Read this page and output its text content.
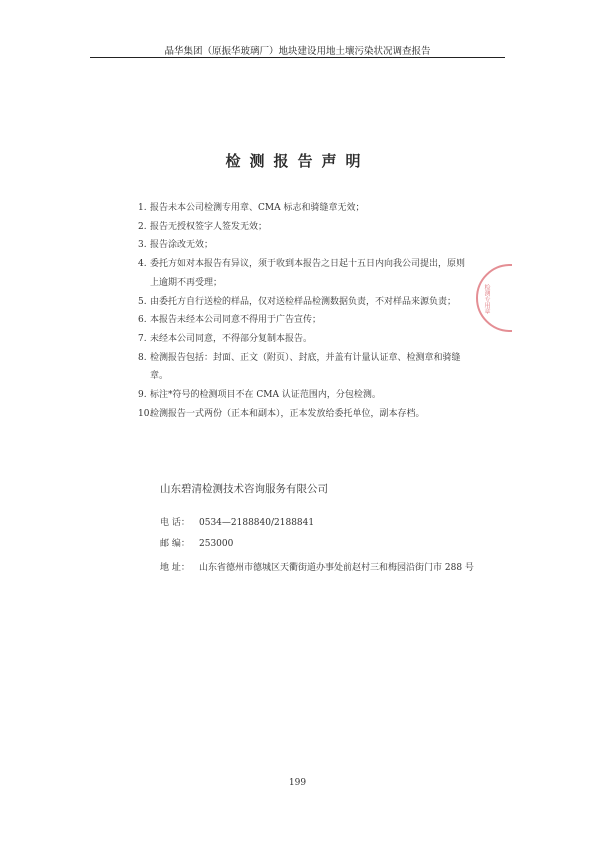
晶华集团（原振华玻璃厂）地块建设用地土壤污染状况调查报告
检测报告声明
1. 报告未本公司检测专用章、CMA 标志和骑缝章无效；
2. 报告无授权签字人签发无效；
3. 报告涂改无效；
4. 委托方如对本报告有异议，须于收到本报告之日起十五日内向我公司提出，原则上逾期不再受理；
5. 由委托方自行送检的样品，仅对送检样品检测数据负责，不对样品来源负责；
6. 本报告未经本公司同意不得用于广告宣传；
7. 未经本公司同意，不得部分复制本报告。
8. 检测报告包括：封面、正文（附页）、封底，并盖有计量认证章、检测章和骑缝章。
9. 标注*符号的检测项目不在 CMA 认证范围内，分包检测。
10.
检测报告一式两份（正本和副本），正本发放给委托单位，副本存档。
山东碧清检测技术咨询服务有限公司
电 话：	0534—2188840/2188841
邮 编：	253000
地 址：	山东省德州市德城区天衢街道办事处前赵村三和梅园沿街门市 288 号
检测专用章
199
